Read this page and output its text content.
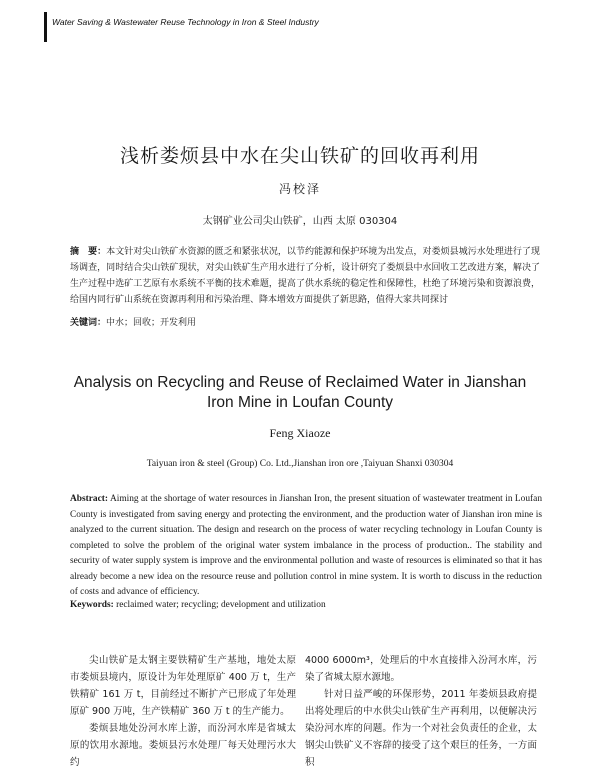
Water Saving & Wastewater Reuse Technology in Iron & Steel Industry
浅析娄烦县中水在尖山铁矿的回收再利用
冯校泽
太钢矿业公司尖山铁矿，山西 太原 030304
摘　要：本文针对尖山铁矿水资源的匮乏和紧张状况，以节约能源和保护环境为出发点，对娄烦县城污水处理进行了现场调查，同时结合尖山铁矿现状，对尖山铁矿生产用水进行了分析，设计研究了娄烦县中水回收工艺改进方案，解决了生产过程中选矿工艺原有水系统不平衡的技术难题，提高了供水系统的稳定性和保障性，杜绝了环境污染和资源浪费，给国内同行矿山系统在资源再利用和污染治理、降本增效方面提供了新思路，值得大家共同探讨
关键词：中水；回收；开发利用
Analysis on Recycling and Reuse of Reclaimed Water in Jianshan
Iron Mine in Loufan County
Feng Xiaoze
Taiyuan iron & steel (Group) Co. Ltd.,Jianshan iron ore ,Taiyuan Shanxi 030304
Abstract: Aiming at the shortage of water resources in Jianshan Iron, the present situation of wastewater treatment in Loufan County is investigated from saving energy and protecting the environment, and the production water of Jianshan iron mine is analyzed to the current situation. The design and research on the process of water recycling technology in Loufan County is completed to solve the problem of the original water system imbalance in the process of production.. The stability and security of water supply system is improve and the environmental pollution and waste of resources is eliminated so that it has already become a new idea on the resource reuse and pollution control in mine system. It is worth to discuss in the reduction of costs and advance of efficiency.
Keywords: reclaimed water; recycling; development and utilization

尖山铁矿是太钢主要铁精矿生产基地，地处太原市娄烦县境内，原设计为年处理原矿 400 万 t，生产铁精矿 161 万 t，目前经过不断扩产已形成了年处理原矿 900 万吨，生产铁精矿 360 万 t 的生产能力。

娄烦县地处汾河水库上游，而汾河水库是省城太原的饮用水源地。娄烦县污水处理厂每天处理污水大约

4000 6000m³，处理后的中水直接排入汾河水库，污染了省城太原水源地。

针对日益严峻的环保形势，2011 年娄烦县政府提出将处理后的中水供尖山铁矿生产再利用，以便解决污染汾河水库的问题。作为一个对社会负责任的企业，太钢尖山铁矿义不容辞的接受了这个艰巨的任务，一方面积
